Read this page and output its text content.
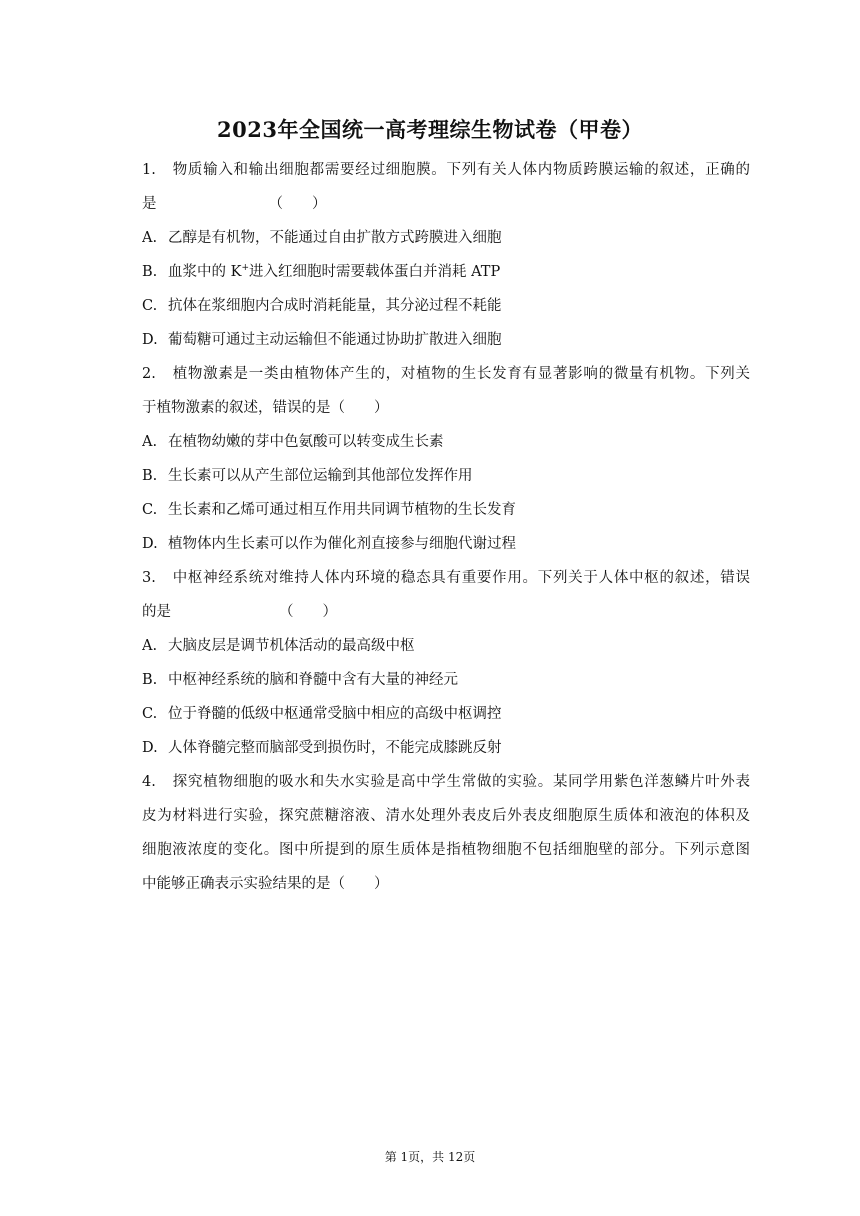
2023年全国统一高考理综生物试卷（甲卷）
1. 物质输入和输出细胞都需要经过细胞膜。下列有关人体内物质跨膜运输的叙述，正确的
是	（　　）
A. 乙醇是有机物，不能通过自由扩散方式跨膜进入细胞
B. 血浆中的 K+进入红细胞时需要载体蛋白并消耗 ATP
C. 抗体在浆细胞内合成时消耗能量，其分泌过程不耗能
D. 葡萄糖可通过主动运输但不能通过协助扩散进入细胞
2. 植物激素是一类由植物体产生的，对植物的生长发育有显著影响的微量有机物。下列关
于植物激素的叙述，错误的是（　　）
A. 在植物幼嫩的芽中色氨酸可以转变成生长素
B. 生长素可以从产生部位运输到其他部位发挥作用
C. 生长素和乙烯可通过相互作用共同调节植物的生长发育
D. 植物体内生长素可以作为催化剂直接参与细胞代谢过程
3. 中枢神经系统对维持人体内环境的稳态具有重要作用。下列关于人体中枢的叙述，错误
的是	（　　）
A. 大脑皮层是调节机体活动的最高级中枢
B. 中枢神经系统的脑和脊髓中含有大量的神经元
C. 位于脊髓的低级中枢通常受脑中相应的高级中枢调控
D. 人体脊髓完整而脑部受到损伤时，不能完成膝跳反射
4. 探究植物细胞的吸水和失水实验是高中学生常做的实验。某同学用紫色洋葱鳞片叶外表
皮为材料进行实验，探究蔗糖溶液、清水处理外表皮后外表皮细胞原生质体和液泡的体积及
细胞液浓度的变化。图中所提到的原生质体是指植物细胞不包括细胞壁的部分。下列示意图
中能够正确表示实验结果的是（　　）
第 1页，共 12页
